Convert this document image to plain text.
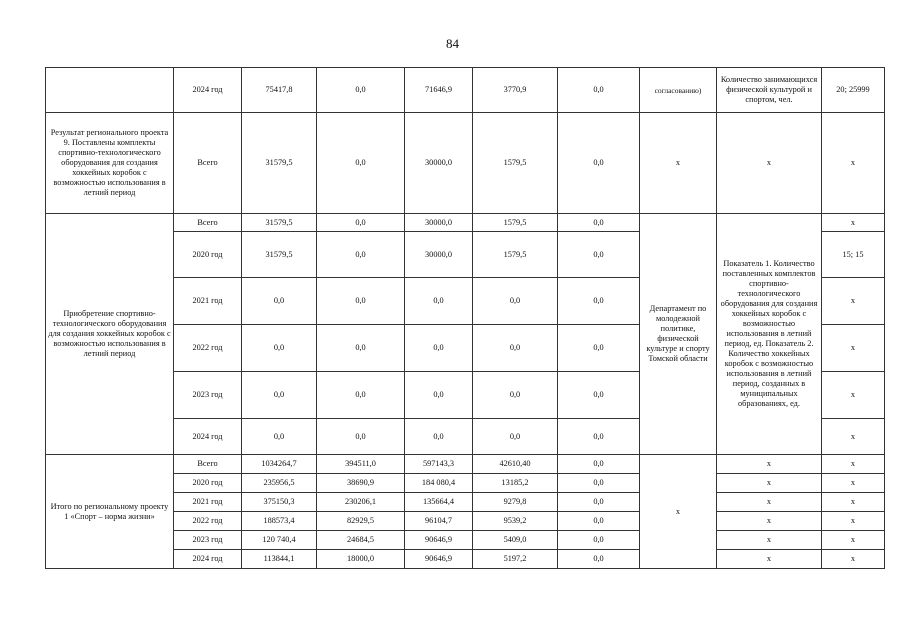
84
	2024 год	75417,8	0,0	71646,9	3770,9	0,0	согласованию)	Количество занимающихся физической культурой и спортом, чел.	20; 25999
Результат регионального проекта 9. Поставлены комплекты спортивно-технологического оборудования для создания хоккейных коробок с возможностью использования в летний период	Всего	31579,5	0,0	30000,0	1579,5	0,0	х	х	х
Приобретение спортивно-технологического оборудования для создания хоккейных коробок с возможностью использования в летний период	Всего	31579,5	0,0	30000,0	1579,5	0,0	Департамент по молодежной политике, физической культуре и спорту Томской области	Показатель 1. Количество поставленных комплектов спортивно-технологического оборудования для создания хоккейных коробок с возможностью использования в летний период, ед. Показатель 2. Количество хоккейных коробок с возможностью использования в летний период, созданных в муниципальных образованиях, ед.	х
	2020 год	31579,5	0,0	30000,0	1579,5	0,0			15; 15
	2021 год	0,0	0,0	0,0	0,0	0,0			х
	2022 год	0,0	0,0	0,0	0,0	0,0			х
	2023 год	0,0	0,0	0,0	0,0	0,0			х
	2024 год	0,0	0,0	0,0	0,0	0,0			х
Итого по региональному проекту 1 «Спорт – норма жизни»	Всего	1034264,7	394511,0	597143,3	42610,40	0,0	х	х	х
	2020 год	235956,5	38690,9	184 080,4	13185,2	0,0		х	х
	2021 год	375150,3	230206,1	135664,4	9279,8	0,0		х	х
	2022 год	188573,4	82929,5	96104,7	9539,2	0,0		х	х
	2023 год	120 740,4	24684,5	90646,9	5409,0	0,0		х	х
	2024 год	113844,1	18000,0	90646,9	5197,2	0,0		х	х
